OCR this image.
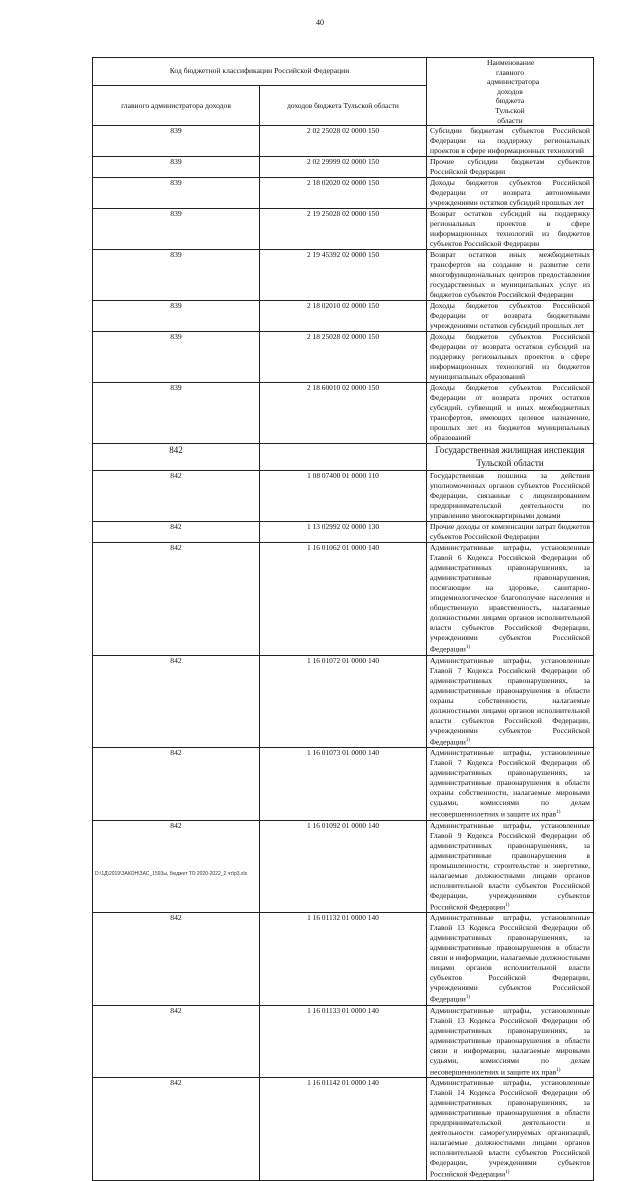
40
Код бюджетной классификации Российской Федерации		Наименование главного администратора доходов бюджета Тульской области
главного администратора доходов	доходов бюджета Тульской области	
839	2 02 25028 02 0000 150	Субсидии бюджетам субъектов Российской Федерации на поддержку региональных проектов в сфере информационных технологий
839	2 02 29999 02 0000 150	Прочие субсидии бюджетам субъектов Российской Федерации
839	2 18 02020 02 0000 150	Доходы бюджетов субъектов Российской Федерации от возврата автономными учреждениями остатков субсидий прошлых лет
839	2 19 25028 02 0000 150	Возврат остатков субсидий на поддержку региональных проектов в сфере информационных технологий из бюджетов субъектов Российской Федерации
839	2 19 45392 02 0000 150	Возврат остатков иных межбюджетных трансфертов на создание и развитие сети многофункциональных центров предоставления государственных и муниципальных услуг из бюджетов субъектов Российской Федерации
839	2 18 02010 02 0000 150	Доходы бюджетов субъектов Российской Федерации от возврата бюджетными учреждениями остатков субсидий прошлых лет
839	2 18 25028 02 0000 150	Доходы бюджетов субъектов Российской Федерации от возврата остатков субсидий на поддержку региональных проектов в сфере информационных технологий из бюджетов муниципальных образований
839	2 18 60010 02 0000 150	Доходы бюджетов субъектов Российской Федерации от возврата прочих остатков субсидий, субвенций и иных межбюджетных трансфертов, имеющих целевое назначение, прошлых лет из бюджетов муниципальных образований
842		Государственная жилищная инспекция Тульской области
842	1 08 07400 01 0000 110	Государственная пошлина за действия уполномоченных органов субъектов Российской Федерации, связанные с лицензированием предпринимательской деятельности по управлению многоквартирными домами
842	1 13 02992 02 0000 130	Прочие доходы от компенсации затрат бюджетов субъектов Российской Федерации
842	1 16 01062 01 0000 140	Административные штрафы, установленные Главой 6 Кодекса Российской Федерации об административных правонарушениях, за административные правонарушения, посягающие на здоровье, санитарно-эпидемиологическое благополучие населения и общественную нравственность, налагаемые должностными лицами органов исполнительной власти субъектов Российской Федерации, учреждениями субъектов Российской Федерации$^{1)}$
842	1 16 01072 01 0000 140	Административные штрафы, установленные Главой 7 Кодекса Российской Федерации об административных правонарушениях, за административные правонарушения в области охраны собственности, налагаемые должностными лицами органов исполнительной власти субъектов Российской Федерации, учреждениями субъектов Российской Федерации$^{1)}$
842	1 16 01073 01 0000 140	Административные штрафы, установленные Главой 7 Кодекса Российской Федерации об административных правонарушениях, за административные правонарушения в области охраны собственности, налагаемые мировыми судьями, комиссиями по делам несовершеннолетних и защите их прав$^{1)}$
842	1 16 01092 01 0000 140	Административные штрафы, установленные Главой 9 Кодекса Российской Федерации об административных правонарушениях, за административные правонарушения в промышленности, строительстве и энергетике, налагаемые должностными лицами органов исполнительной власти субъектов Российской Федерации, учреждениями субъектов Российской Федерации$^{1)}$
842	1 16 01132 01 0000 140	Административные штрафы, установленные Главой 13 Кодекса Российской Федерации об административных правонарушениях, за административные правонарушения в области связи и информации, налагаемые должностными лицами органов исполнительной власти субъектов Российской Федерации, учреждениями субъектов Российской Федерации$^{1)}$
842	1 16 01133 01 0000 140	Административные штрафы, установленные Главой 13 Кодекса Российской Федерации об административных правонарушениях, за административные правонарушения в области связи и информации, налагаемые мировыми судьями, комиссиями по делам несовершеннолетних и защите их прав$^{1)}$
842	1 16 01142 01 0000 140	Административные штрафы, установленные Главой 14 Кодекса Российской Федерации об административных правонарушениях, за административные правонарушения в области предпринимательской деятельности и деятельности саморегулируемых организаций, налагаемые должностными лицами органов исполнительной власти субъектов Российской Федерации, учреждениями субъектов Российской Федерации$^{1)}$
D:\1Д\2019\ЗАКОН\ЗАС_1593ы, бюджет ТО 2020-2022_2 чт\р3.xls
